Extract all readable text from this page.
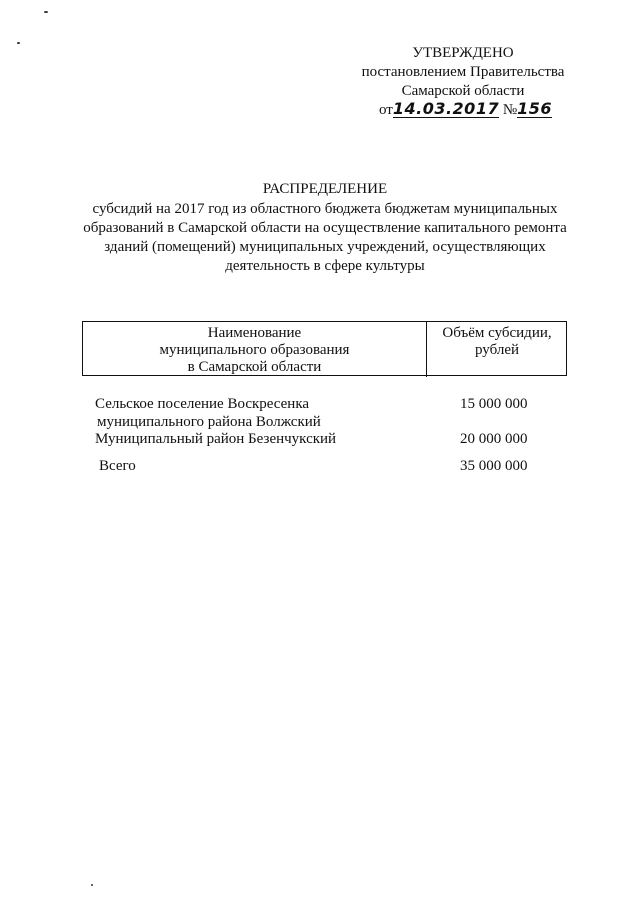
УТВЕРЖДЕНО
постановлением Правительства
Самарской области
от14.03.2017 №156
РАСПРЕДЕЛЕНИЕ
субсидий на 2017 год из областного бюджета бюджетам муниципальных
образований в Самарской области на осуществление капитального ремонта
зданий (помещений) муниципальных учреждений, осуществляющих
деятельность в сфере культуры
Наименование
муниципального образования
в Самарской области
Объём субсидии,
рублей
Сельское поселение Воскресенка
муниципального района Волжский
15 000 000
Муниципальный район Безенчукский	20 000 000
Всего	35 000 000
